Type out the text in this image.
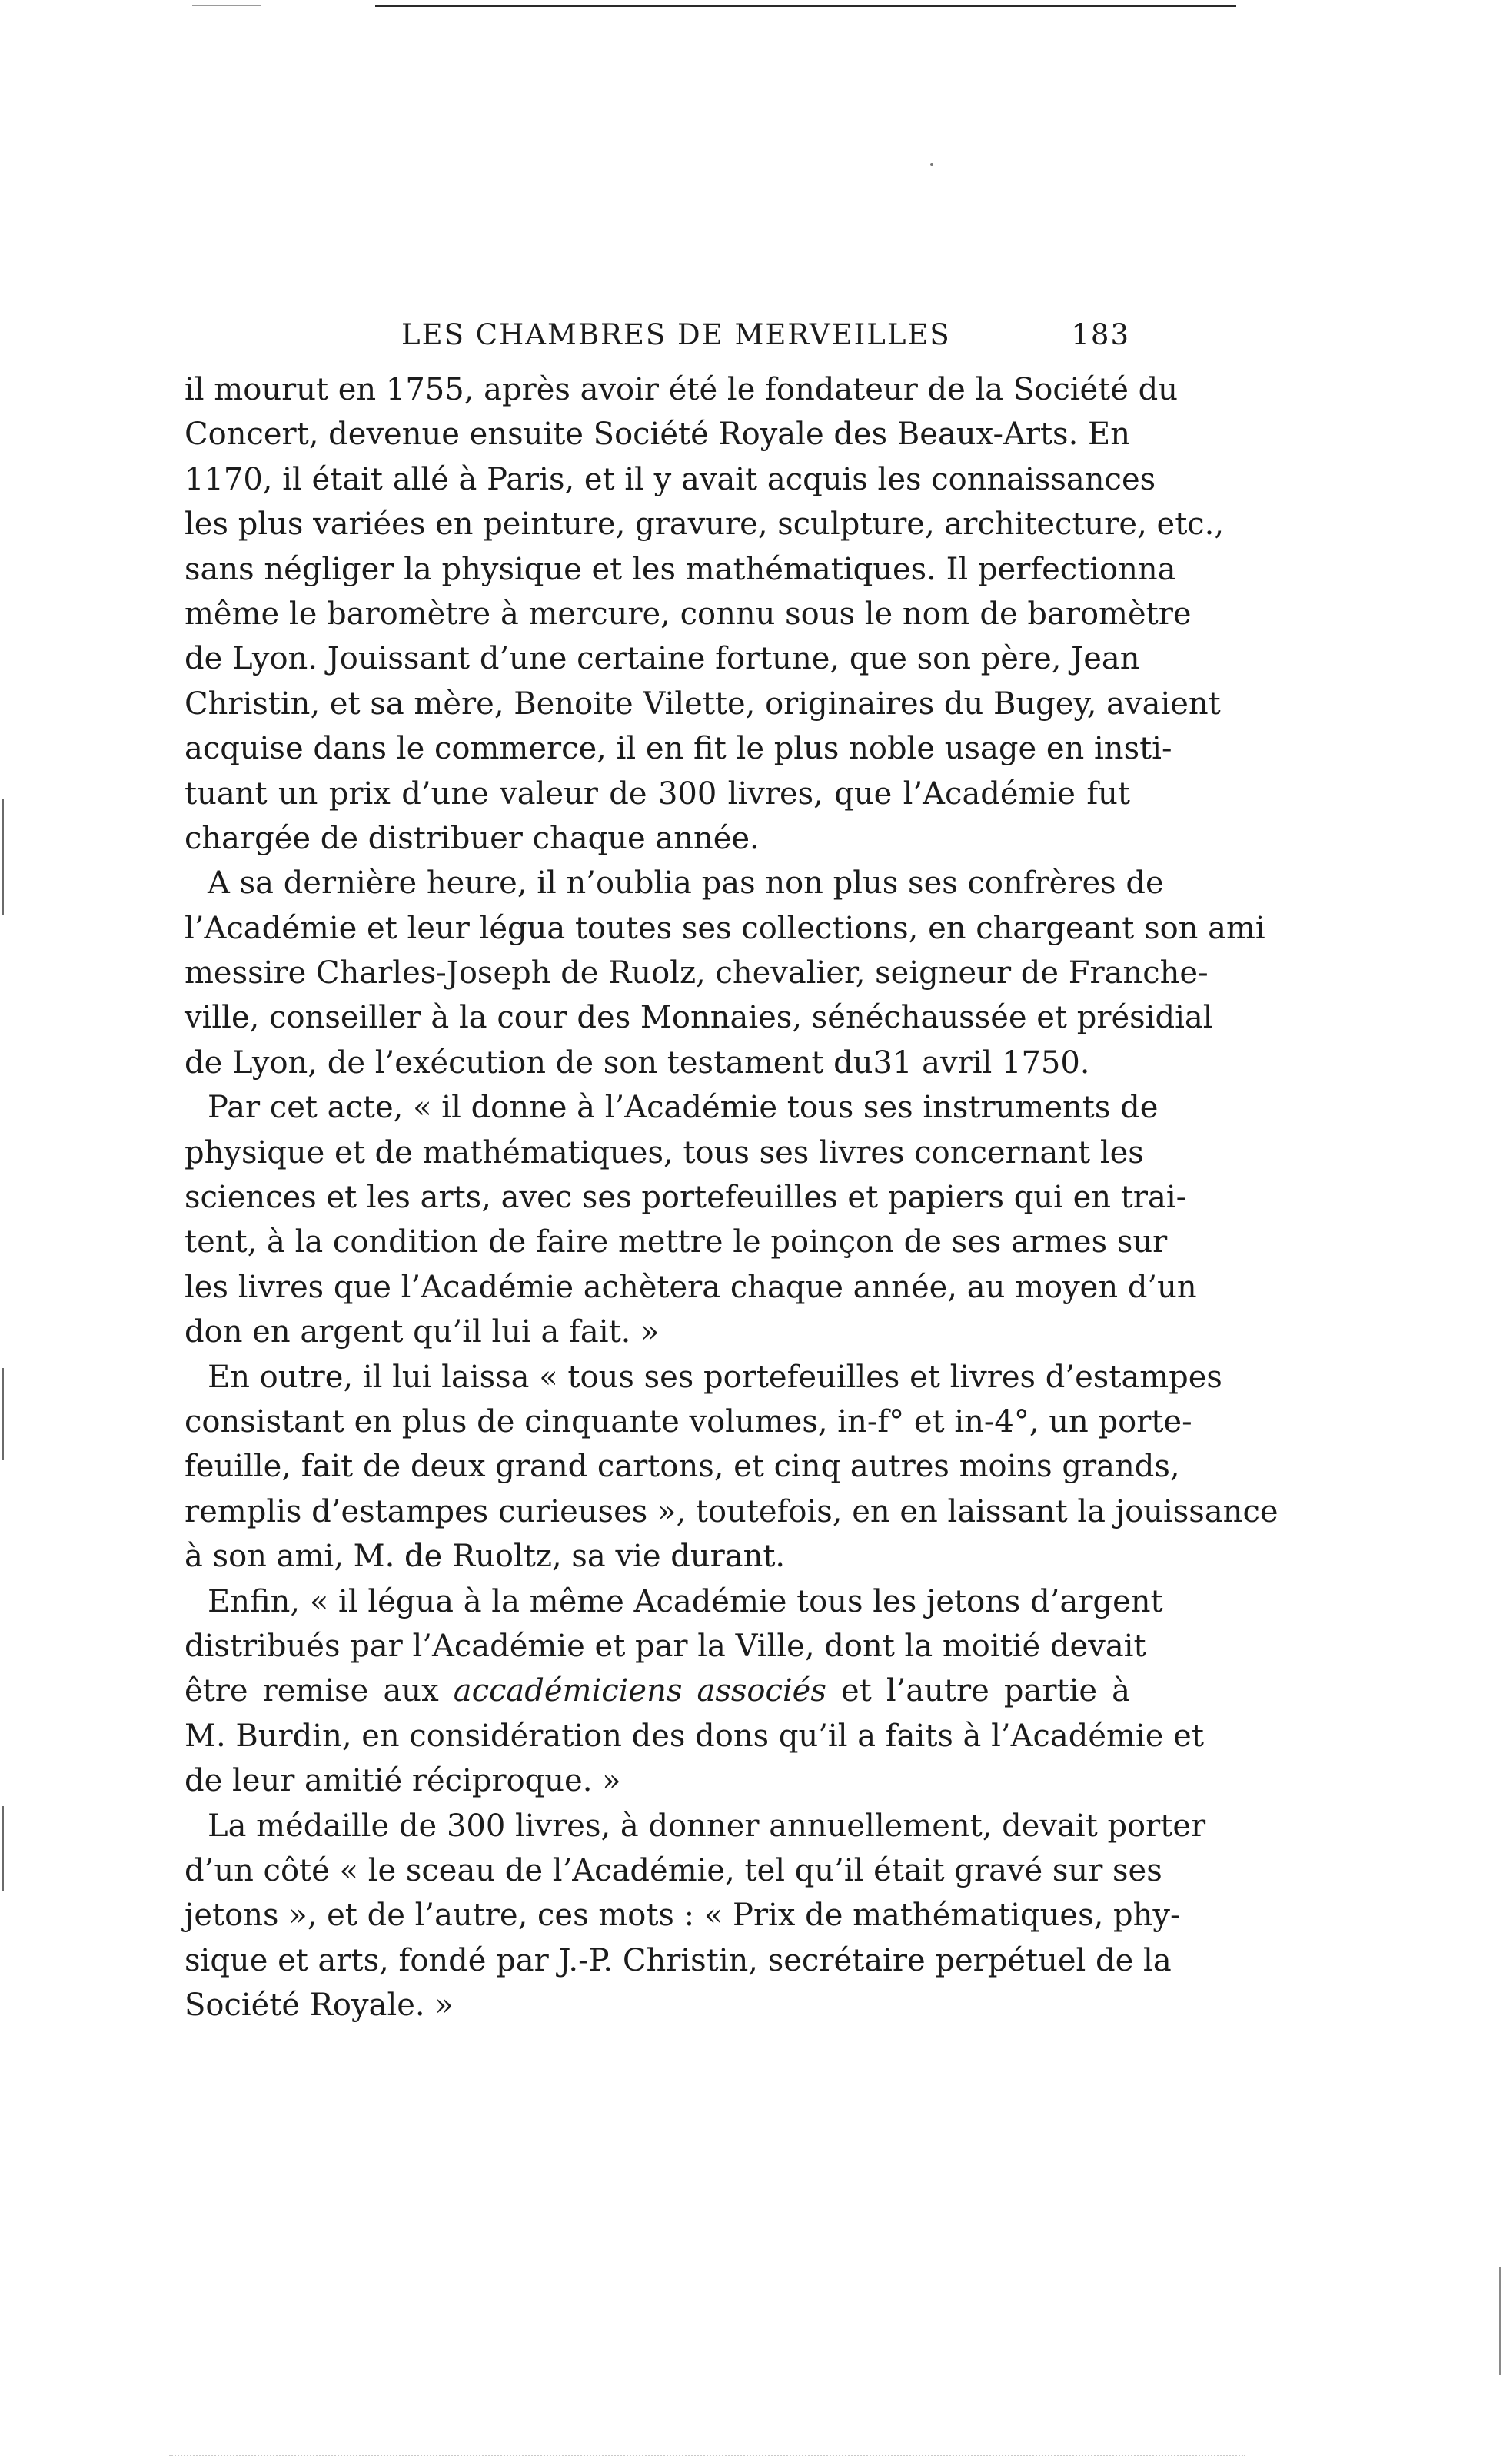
LES CHAMBRES DE MERVEILLES	183
il mourut en 1755, après avoir été le fondateur de la Société du
Concert, devenue ensuite Société Royale des Beaux-Arts. En
1170, il était allé à Paris, et il y avait acquis les connaissances
les plus variées en peinture, gravure, sculpture, architecture, etc.,
sans négliger la physique et les mathématiques. Il perfectionna
même le baromètre à mercure, connu sous le nom de baromètre
de Lyon. Jouissant d’une certaine fortune, que son père, Jean
Christin, et sa mère, Benoite Vilette, originaires du Bugey, avaient
acquise dans le commerce, il en fit le plus noble usage en insti-
tuant un prix d’une valeur de 300 livres, que l’Académie fut
chargée de distribuer chaque année.
A sa dernière heure, il n’oublia pas non plus ses confrères de
l’Académie et leur légua toutes ses collections, en chargeant son ami
messire Charles-Joseph de Ruolz, chevalier, seigneur de Franche-
ville, conseiller à la cour des Monnaies, sénéchaussée et présidial
de Lyon, de l’exécution de son testament du31 avril 1750.
Par cet acte, « il donne à l’Académie tous ses instruments de
physique et de mathématiques, tous ses livres concernant les
sciences et les arts, avec ses portefeuilles et papiers qui en trai-
tent, à la condition de faire mettre le poinçon de ses armes sur
les livres que l’Académie achètera chaque année, au moyen d’un
don en argent qu’il lui a fait. »
En outre, il lui laissa « tous ses portefeuilles et livres d’estampes
consistant en plus de cinquante volumes, in-f° et in-4°, un porte-
feuille, fait de deux grand cartons, et cinq autres moins grands,
remplis d’estampes curieuses », toutefois, en en laissant la jouissance
à son ami, M. de Ruoltz, sa vie durant.
Enfin, « il légua à la même Académie tous les jetons d’argent
distribués par l’Académie et par la Ville, dont la moitié devait
être remise aux accadémiciens associés et l’autre partie à
M. Burdin, en considération des dons qu’il a faits à l’Académie et
de leur amitié réciproque. »
La médaille de 300 livres, à donner annuellement, devait porter
d’un côté « le sceau de l’Académie, tel qu’il était gravé sur ses
jetons », et de l’autre, ces mots : « Prix de mathématiques, phy-
sique et arts, fondé par J.-P. Christin, secrétaire perpétuel de la
Société Royale. »
